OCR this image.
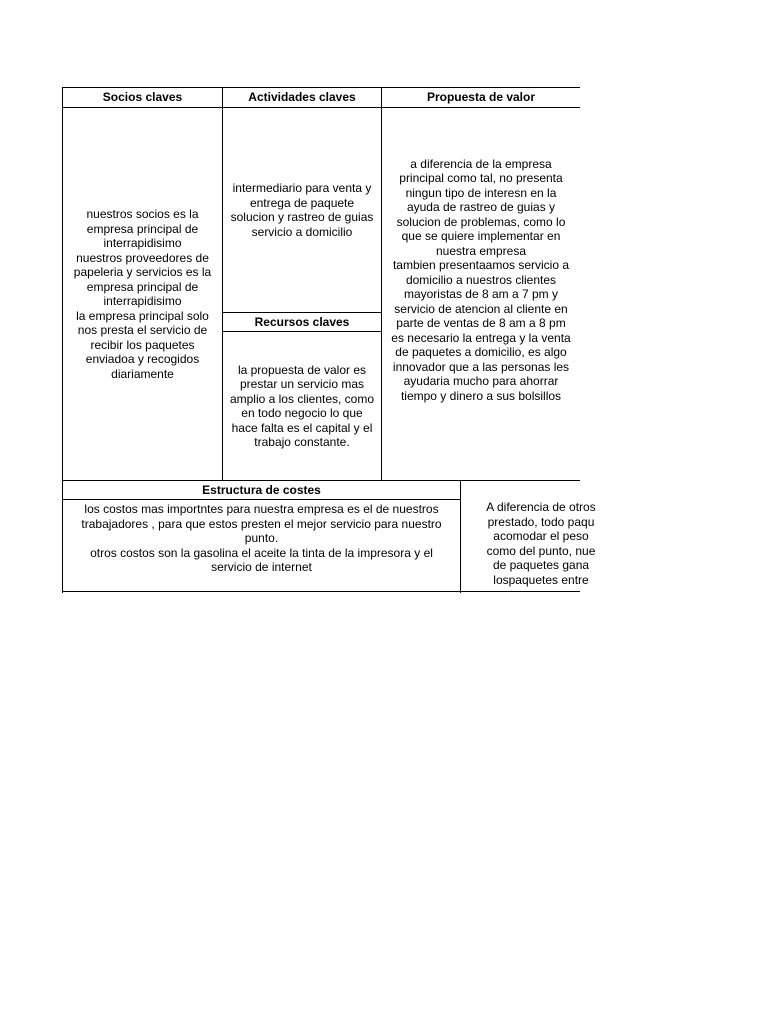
Socios claves	Actividades claves	Propuesta de valor
nuestros socios es la
empresa principal de
interrapidisimo
nuestros proveedores de
papeleria y servicios es la
empresa principal de
interrapidisimo
la empresa principal solo
nos presta el servicio de
recibir los paquetes
enviadoa y recogidos
diariamente
intermediario para venta y
entrega de paquete
solucion y rastreo de guias
servicio a domicilio
Recursos claves
la propuesta de valor es
prestar un servicio mas
amplio a los clientes, como
en todo negocio lo que
hace falta es el capital y el
trabajo constante.
a diferencia de la empresa
principal como tal, no presenta
ningun tipo de interesn en la
ayuda de rastreo de guias y
solucion de problemas, como lo
que se quiere implementar en
nuestra empresa
tambien presentaamos servicio a
domicilio a nuestros clientes
mayoristas de 8 am a 7 pm y
servicio de atencion al cliente en
parte de ventas de 8 am a 8 pm
es necesario la entrega y la venta
de paquetes a domicilio, es algo
innovador que a las personas les
ayudaria mucho para ahorrar
tiempo y dinero a sus bolsillos
Estructura de costes
los costos mas importntes para nuestra empresa es el de nuestros
trabajadores , para que estos presten el mejor servicio para nuestro
punto.
otros costos son la gasolina el aceite la tinta de la impresora y el
servicio de internet
A diferencia de otros
prestado, todo paqu
acomodar el peso
como del punto, nue
de paquetes gana
lospaquetes entre
